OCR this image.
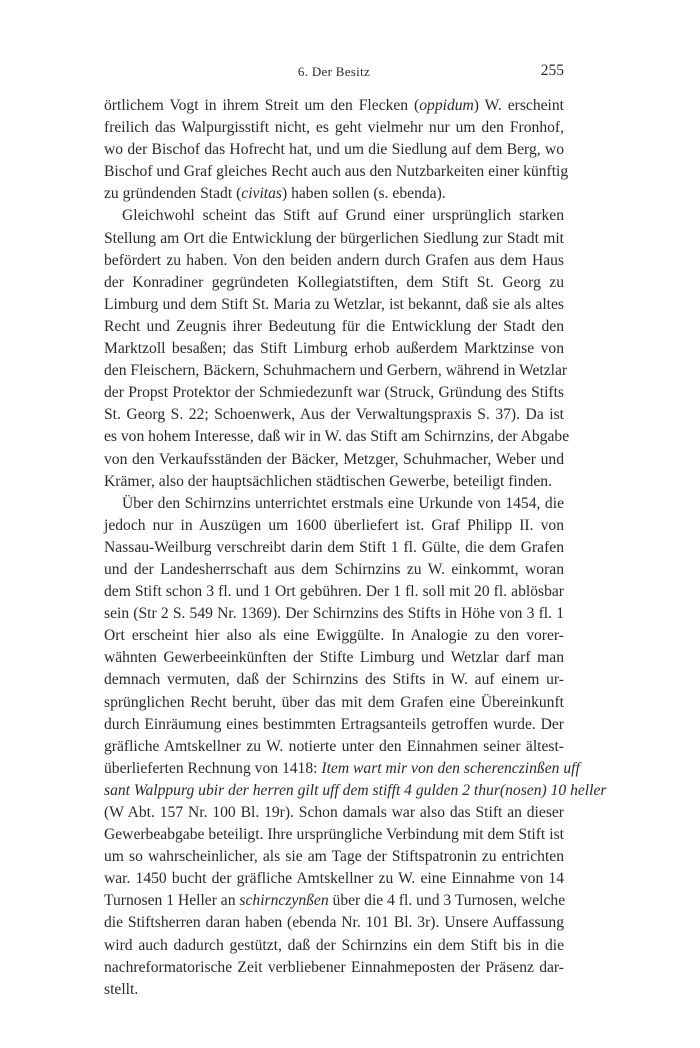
6. Der Besitz	255
örtlichem Vogt in ihrem Streit um den Flecken (oppidum) W. erscheint
freilich das Walpurgisstift nicht, es geht vielmehr nur um den Fronhof,
wo der Bischof das Hofrecht hat, und um die Siedlung auf dem Berg, wo
Bischof und Graf gleiches Recht auch aus den Nutzbarkeiten einer künftig
zu gründenden Stadt (civitas) haben sollen (s. ebenda).
Gleichwohl scheint das Stift auf Grund einer ursprünglich starken
Stellung am Ort die Entwicklung der bürgerlichen Siedlung zur Stadt mit
befördert zu haben. Von den beiden andern durch Grafen aus dem Haus
der Konradiner gegründeten Kollegiatstiften, dem Stift St. Georg zu
Limburg und dem Stift St. Maria zu Wetzlar, ist bekannt, daß sie als altes
Recht und Zeugnis ihrer Bedeutung für die Entwicklung der Stadt den
Marktzoll besaßen; das Stift Limburg erhob außerdem Marktzinse von
den Fleischern, Bäckern, Schuhmachern und Gerbern, während in Wetzlar
der Propst Protektor der Schmiedezunft war (Struck, Gründung des Stifts
St. Georg S. 22; Schoenwerk, Aus der Verwaltungspraxis S. 37). Da ist
es von hohem Interesse, daß wir in W. das Stift am Schirnzins, der Abgabe
von den Verkaufsständen der Bäcker, Metzger, Schuhmacher, Weber und
Krämer, also der hauptsächlichen städtischen Gewerbe, beteiligt finden.
Über den Schirnzins unterrichtet erstmals eine Urkunde von 1454, die
jedoch nur in Auszügen um 1600 überliefert ist. Graf Philipp II. von
Nassau-Weilburg verschreibt darin dem Stift 1 fl. Gülte, die dem Grafen
und der Landesherrschaft aus dem Schirnzins zu W. einkommt, woran
dem Stift schon 3 fl. und 1 Ort gebühren. Der 1 fl. soll mit 20 fl. ablösbar
sein (Str 2 S. 549 Nr. 1369). Der Schirnzins des Stifts in Höhe von 3 fl. 1
Ort erscheint hier also als eine Ewiggülte. In Analogie zu den vorer-
wähnten Gewerbeeinkünften der Stifte Limburg und Wetzlar darf man
demnach vermuten, daß der Schirnzins des Stifts in W. auf einem ur-
sprünglichen Recht beruht, über das mit dem Grafen eine Übereinkunft
durch Einräumung eines bestimmten Ertragsanteils getroffen wurde. Der
gräfliche Amtskellner zu W. notierte unter den Einnahmen seiner ältest-
überlieferten Rechnung von 1418: Item wart mir von den scherenczinßen uff
sant Walppurg ubir der herren gilt uff dem stifft 4 gulden 2 thur(nosen) 10 heller
(W Abt. 157 Nr. 100 Bl. 19r). Schon damals war also das Stift an dieser
Gewerbeabgabe beteiligt. Ihre ursprüngliche Verbindung mit dem Stift ist
um so wahrscheinlicher, als sie am Tage der Stiftspatronin zu entrichten
war. 1450 bucht der gräfliche Amtskellner zu W. eine Einnahme von 14
Turnosen 1 Heller an schirnczynßen über die 4 fl. und 3 Turnosen, welche
die Stiftsherren daran haben (ebenda Nr. 101 Bl. 3r). Unsere Auffassung
wird auch dadurch gestützt, daß der Schirnzins ein dem Stift bis in die
nachreformatorische Zeit verbliebener Einnahmeposten der Präsenz dar-
stellt.
